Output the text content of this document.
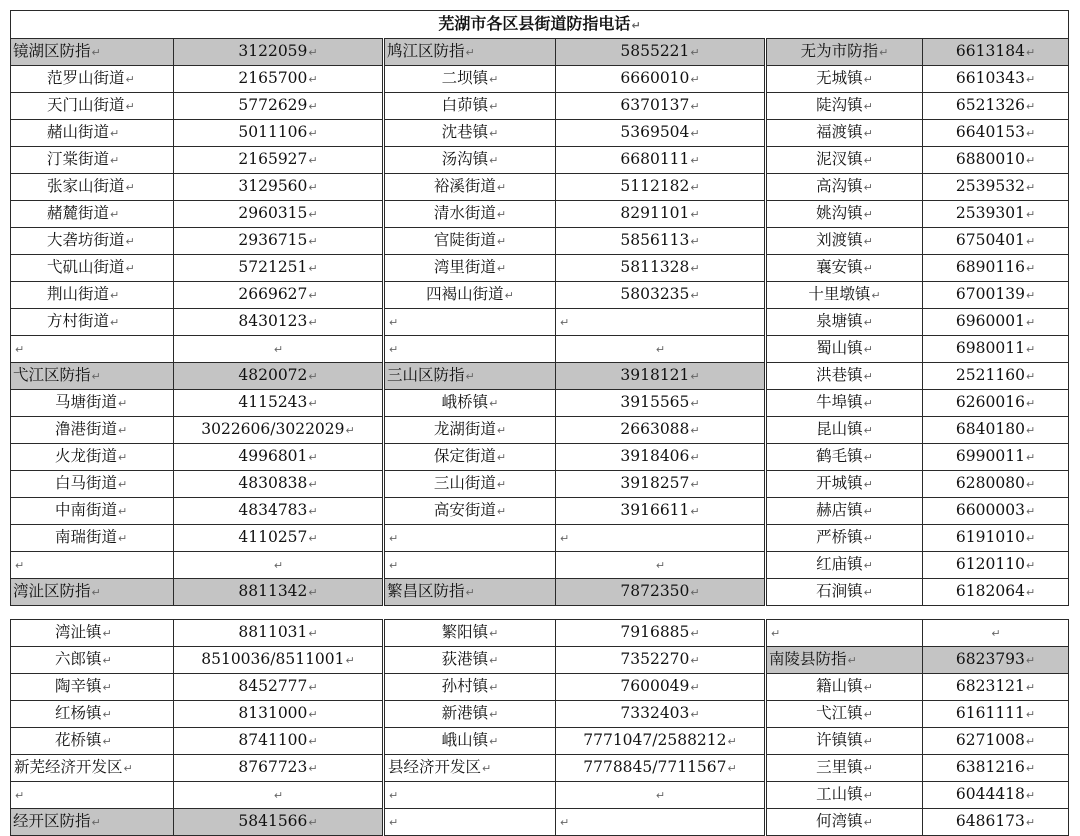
芜湖市各区县街道防指电话↵					
镜湖区防指↵	3122059↵	鸠江区防指↵	5855221↵	无为市防指↵	6613184↵
范罗山街道↵	2165700↵	二坝镇↵	6660010↵	无城镇↵	6610343↵
天门山街道↵	5772629↵	白茆镇↵	6370137↵	陡沟镇↵	6521326↵
赭山街道↵	5011106↵	沈巷镇↵	5369504↵	福渡镇↵	6640153↵
汀棠街道↵	2165927↵	汤沟镇↵	6680111↵	泥汊镇↵	6880010↵
张家山街道↵	3129560↵	裕溪街道↵	5112182↵	高沟镇↵	2539532↵
赭麓街道↵	2960315↵	清水街道↵	8291101↵	姚沟镇↵	2539301↵
大砻坊街道↵	2936715↵	官陡街道↵	5856113↵	刘渡镇↵	6750401↵
弋矶山街道↵	5721251↵	湾里街道↵	5811328↵	襄安镇↵	6890116↵
荆山街道↵	2669627↵	四褐山街道↵	5803235↵	十里墩镇↵	6700139↵
方村街道↵	8430123↵	↵	↵	泉塘镇↵	6960001↵
↵	↵	↵	↵	蜀山镇↵	6980011↵
弋江区防指↵	4820072↵	三山区防指↵	3918121↵	洪巷镇↵	2521160↵
马塘街道↵	4115243↵	峨桥镇↵	3915565↵	牛埠镇↵	6260016↵
澛港街道↵	3022606/3022029↵	龙湖街道↵	2663088↵	昆山镇↵	6840180↵
火龙街道↵	4996801↵	保定街道↵	3918406↵	鹤毛镇↵	6990011↵
白马街道↵	4830838↵	三山街道↵	3918257↵	开城镇↵	6280080↵
中南街道↵	4834783↵	高安街道↵	3916611↵	赫店镇↵	6600003↵
南瑞街道↵	4110257↵	↵	↵	严桥镇↵	6191010↵
↵	↵	↵	↵	红庙镇↵	6120110↵
湾沚区防指↵	8811342↵	繁昌区防指↵	7872350↵	石涧镇↵	6182064↵
湾沚镇↵	8811031↵	繁阳镇↵	7916885↵	↵	↵
六郎镇↵	8510036/8511001↵	荻港镇↵	7352270↵	南陵县防指↵	6823793↵
陶辛镇↵	8452777↵	孙村镇↵	7600049↵	籍山镇↵	6823121↵
红杨镇↵	8131000↵	新港镇↵	7332403↵	弋江镇↵	6161111↵
花桥镇↵	8741100↵	峨山镇↵	7771047/2588212↵	许镇镇↵	6271008↵
新芜经济开发区↵	8767723↵	县经济开发区↵	7778845/7711567↵	三里镇↵	6381216↵
↵	↵	↵	↵	工山镇↵	6044418↵
经开区防指↵	5841566↵	↵	↵	何湾镇↵	6486173↵
